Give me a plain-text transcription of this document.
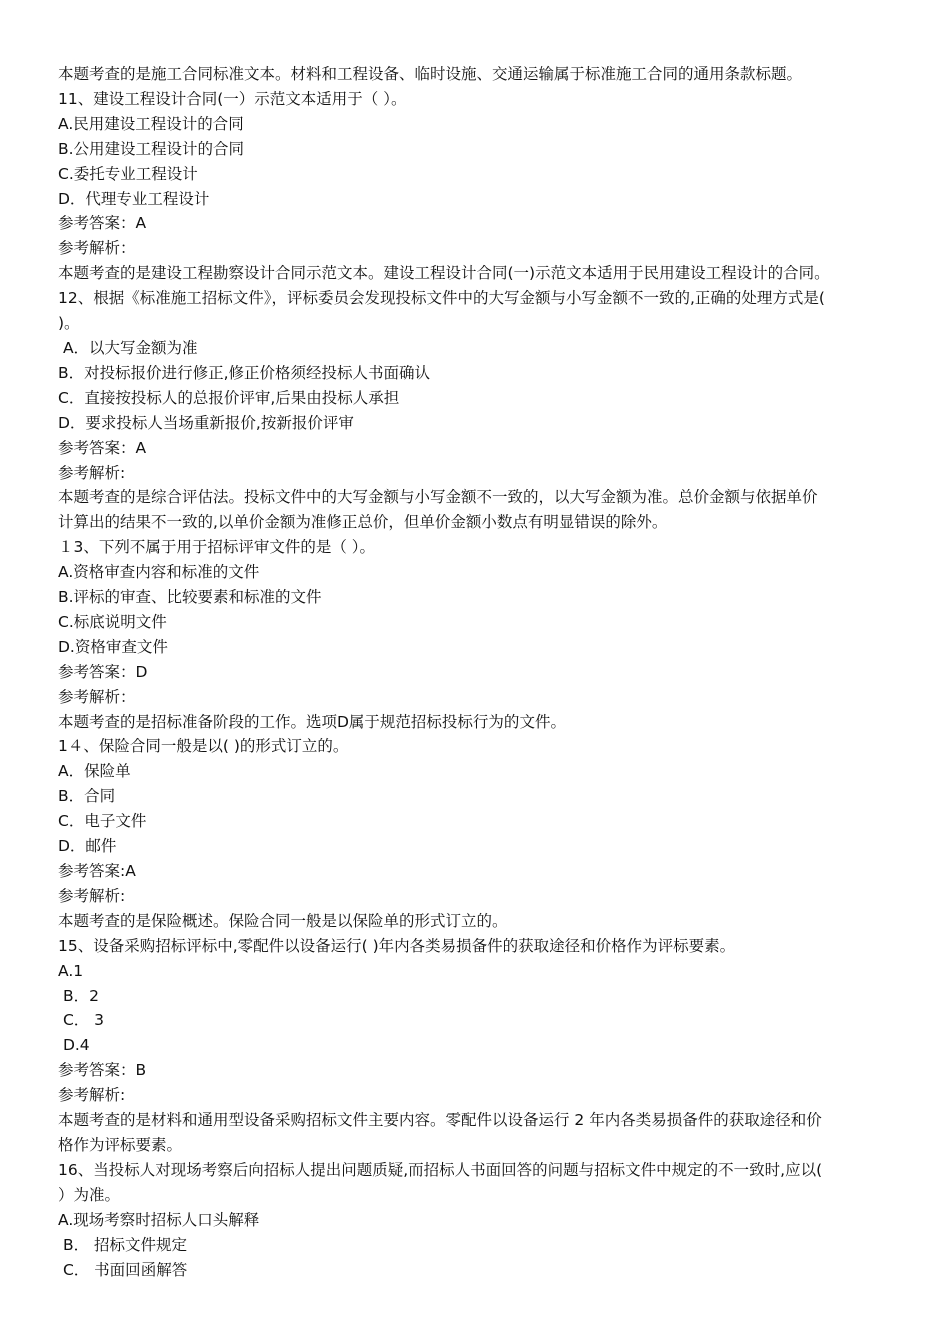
本题考查的是施工合同标准文本。材料和工程设备、临时设施、交通运输属于标准施工合同的通用条款标题。
11、建设工程设计合同(一）示范文本适用于（ ）。
A.民用建设工程设计的合同
B.公用建设工程设计的合同
C.委托专业工程设计
D．代理专业工程设计
参考答案：A
参考解析：
本题考查的是建设工程勘察设计合同示范文本。建设工程设计合同(一)示范文本适用于民用建设工程设计的合同。
12、根据《标准施工招标文件》，评标委员会发现投标文件中的大写金额与小写金额不一致的,正确的处理方式是(
)。
A．以大写金额为准
B．对投标报价进行修正,修正价格须经投标人书面确认
C．直接按投标人的总报价评审,后果由投标人承担
D．要求投标人当场重新报价,按新报价评审
参考答案：A
参考解析:
本题考查的是综合评估法。投标文件中的大写金额与小写金额不一致的，以大写金额为准。总价金额与依据单价
计算出的结果不一致的,以单价金额为准修正总价，但单价金额小数点有明显错误的除外。
１3、下列不属于用于招标评审文件的是（ ）。
A.资格审查内容和标准的文件
B.评标的审查、比较要素和标准的文件
C.标底说明文件
D.资格审查文件
参考答案：D
参考解析：
本题考查的是招标准备阶段的工作。选项D属于规范招标投标行为的文件。
1４、保险合同一般是以( )的形式订立的。
A．保险单
B．合同
C．电子文件
D．邮件
参考答案:A
参考解析:
本题考查的是保险概述。保险合同一般是以保险单的形式订立的。
15、设备采购招标评标中,零配件以设备运行( )年内各类易损备件的获取途径和价格作为评标要素。
A.1
B．2
C． 3
D.4
参考答案：B
参考解析:
本题考查的是材料和通用型设备采购招标文件主要内容。零配件以设备运行 2 年内各类易损备件的获取途径和价
格作为评标要素。
16、当投标人对现场考察后向招标人提出问题质疑,而招标人书面回答的问题与招标文件中规定的不一致时,应以(
）为准。
A.现场考察时招标人口头解释
B． 招标文件规定
C． 书面回函解答
